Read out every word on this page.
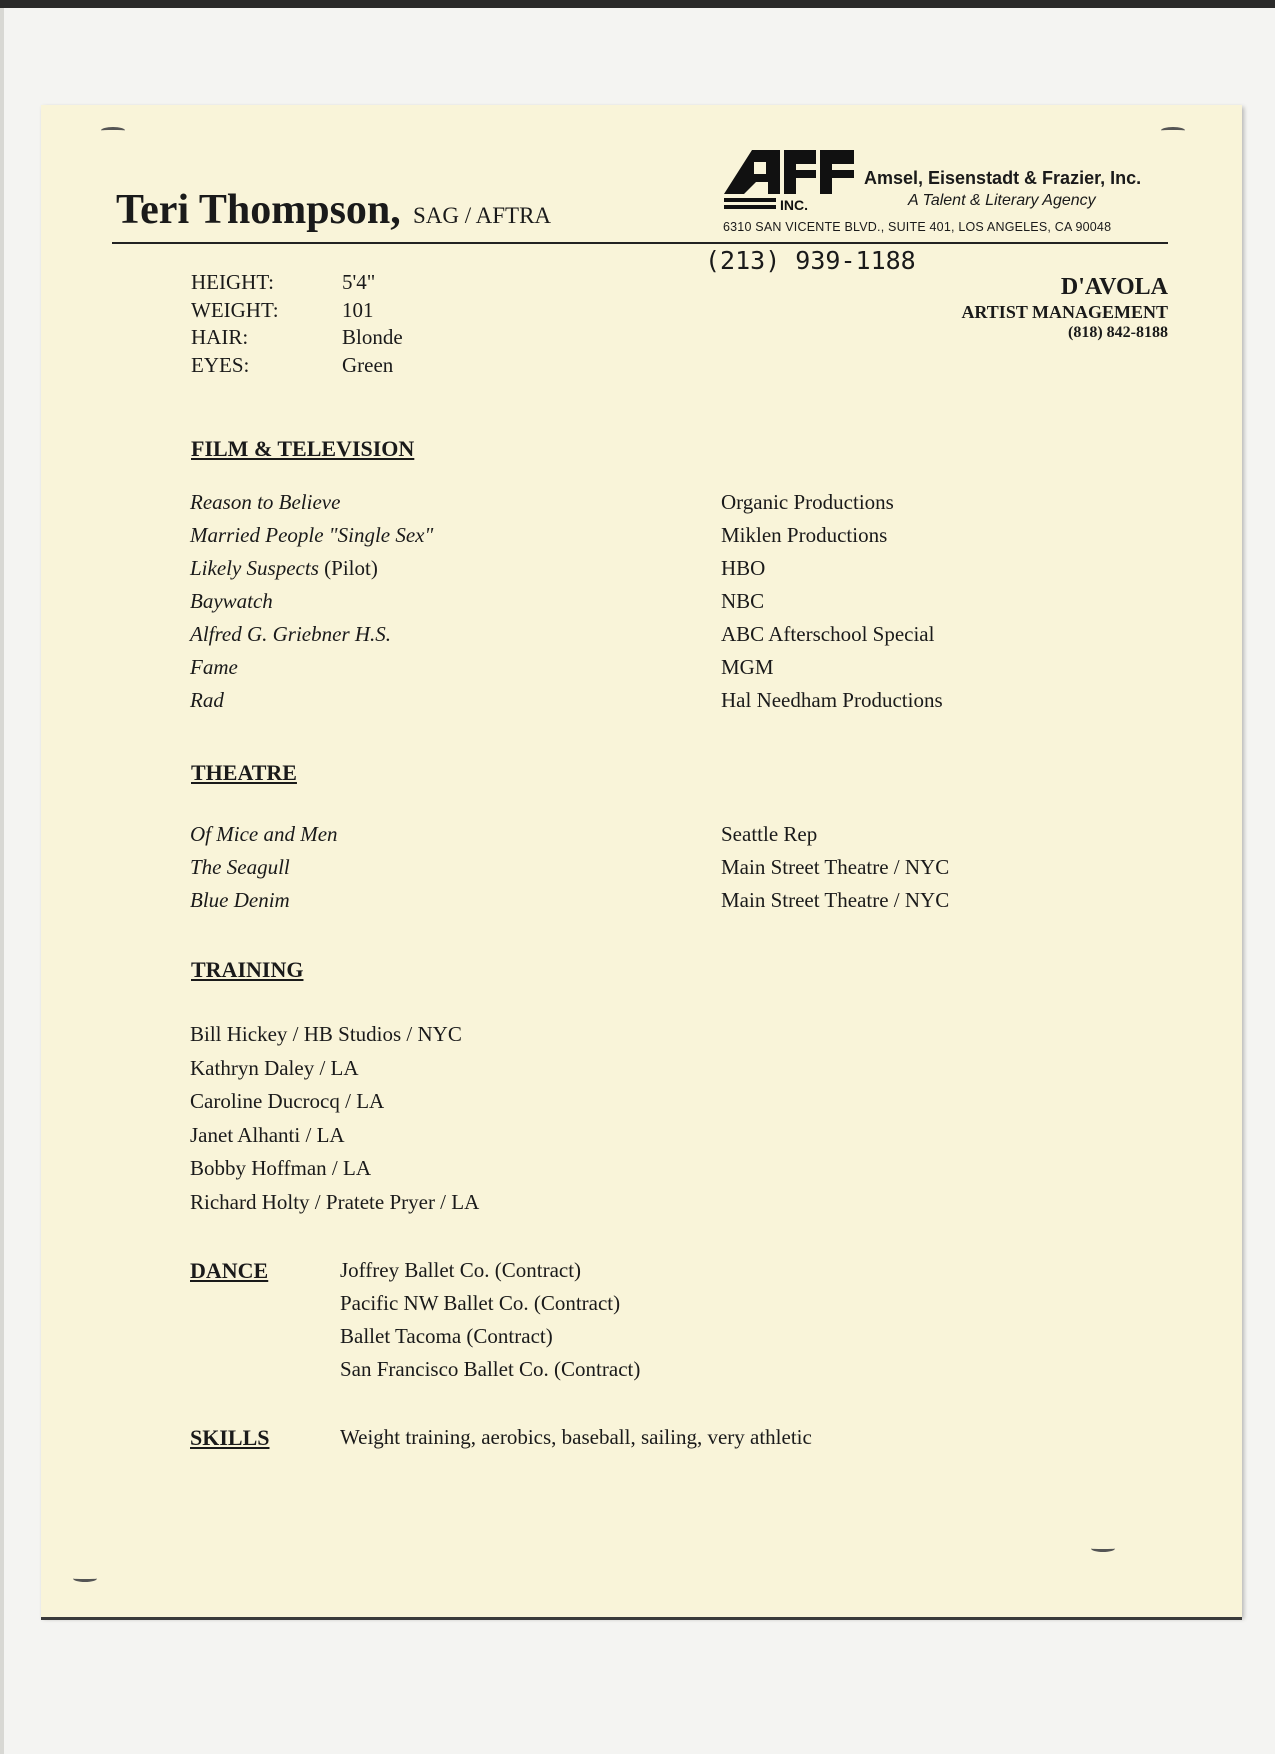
Teri Thompson, SAG / AFTRA	INC.
Amsel, Eisenstadt & Frazier, Inc.
A Talent & Literary Agency
6310 SAN VICENTE BLVD., SUITE 401, LOS ANGELES, CA 90048
(213) 939-1188
D'AVOLA
ARTIST MANAGEMENT
(818) 842-8188
HEIGHT:	5'4"
WEIGHT:	101
HAIR:	Blonde
EYES:	Green
FILM & TELEVISION
Reason to Believe	Organic Productions
Married People "Single Sex"	Miklen Productions
Likely Suspects (Pilot)	HBO
Baywatch	NBC
Alfred G. Griebner H.S.	ABC Afterschool Special
Fame	MGM
Rad	Hal Needham Productions
THEATRE
Of Mice and Men	Seattle Rep
The Seagull	Main Street Theatre / NYC
Blue Denim	Main Street Theatre / NYC
TRAINING
Bill Hickey / HB Studios / NYC
Kathryn Daley / LA
Caroline Ducrocq / LA
Janet Alhanti / LA
Bobby Hoffman / LA
Richard Holty / Pratete Pryer / LA
DANCE	Joffrey Ballet Co. (Contract)
Pacific NW Ballet Co. (Contract)
Ballet Tacoma (Contract)
San Francisco Ballet Co. (Contract)
SKILLS	Weight training, aerobics, baseball, sailing, very athletic
